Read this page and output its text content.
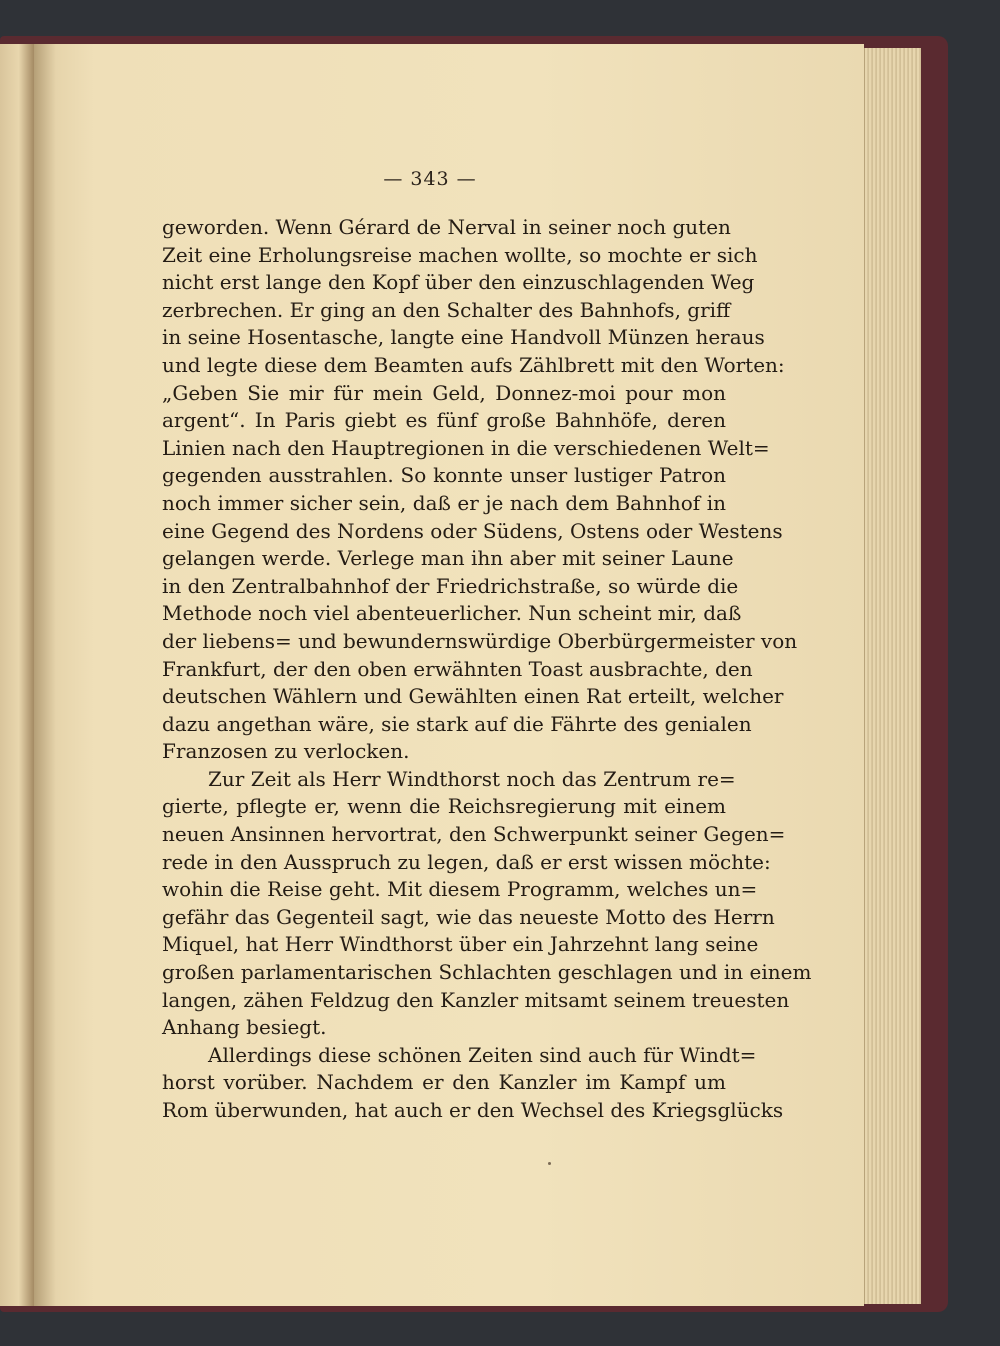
— 343 —
geworden. Wenn Gérard de Nerval in seiner noch guten
Zeit eine Erholungsreise machen wollte, so mochte er sich
nicht erst lange den Kopf über den einzuschlagenden Weg
zerbrechen. Er ging an den Schalter des Bahnhofs, griff
in seine Hosentasche, langte eine Handvoll Münzen heraus
und legte diese dem Beamten aufs Zählbrett mit den Worten:
„Geben Sie mir für mein Geld, Donnez-moi pour mon
argent“. In Paris giebt es fünf große Bahnhöfe, deren
Linien nach den Hauptregionen in die verschiedenen Welt=
gegenden ausstrahlen. So konnte unser lustiger Patron
noch immer sicher sein, daß er je nach dem Bahnhof in
eine Gegend des Nordens oder Südens, Ostens oder Westens
gelangen werde. Verlege man ihn aber mit seiner Laune
in den Zentralbahnhof der Friedrichstraße, so würde die
Methode noch viel abenteuerlicher. Nun scheint mir, daß
der liebens= und bewundernswürdige Oberbürgermeister von
Frankfurt, der den oben erwähnten Toast ausbrachte, den
deutschen Wählern und Gewählten einen Rat erteilt, welcher
dazu angethan wäre, sie stark auf die Fährte des genialen
Franzosen zu verlocken.
Zur Zeit als Herr Windthorst noch das Zentrum re=
gierte, pflegte er, wenn die Reichsregierung mit einem
neuen Ansinnen hervortrat, den Schwerpunkt seiner Gegen=
rede in den Ausspruch zu legen, daß er erst wissen möchte:
wohin die Reise geht. Mit diesem Programm, welches un=
gefähr das Gegenteil sagt, wie das neueste Motto des Herrn
Miquel, hat Herr Windthorst über ein Jahrzehnt lang seine
großen parlamentarischen Schlachten geschlagen und in einem
langen, zähen Feldzug den Kanzler mitsamt seinem treuesten
Anhang besiegt.
Allerdings diese schönen Zeiten sind auch für Windt=
horst vorüber. Nachdem er den Kanzler im Kampf um
Rom überwunden, hat auch er den Wechsel des Kriegsglücks
